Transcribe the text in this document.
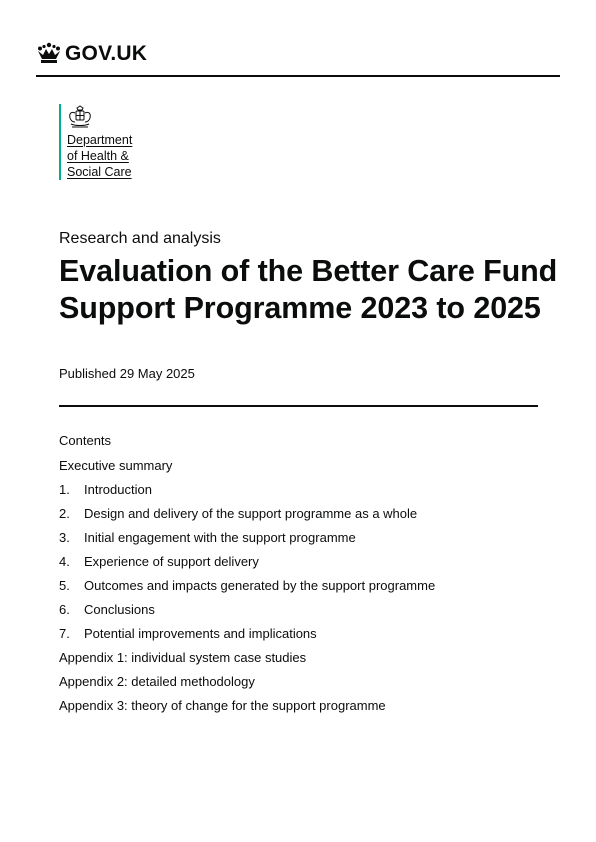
GOV.UK
Department
of Health &
Social Care
Research and analysis
Evaluation of the Better Care Fund Support Programme 2023 to 2025
Published 29 May 2025
Contents
Executive summary
1. Introduction
2. Design and delivery of the support programme as a whole
3. Initial engagement with the support programme
4. Experience of support delivery
5. Outcomes and impacts generated by the support programme
6. Conclusions
7. Potential improvements and implications
Appendix 1: individual system case studies
Appendix 2: detailed methodology
Appendix 3: theory of change for the support programme
